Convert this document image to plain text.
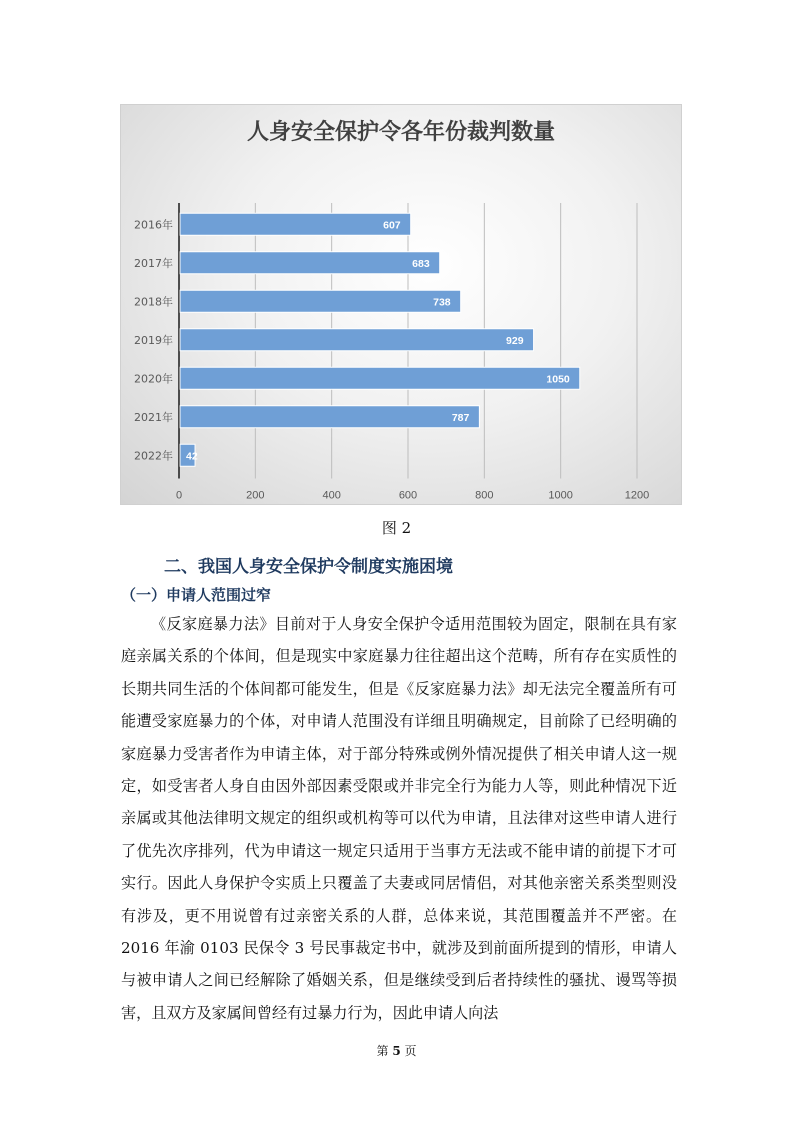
人身安全保护令各年份裁判数量
0	200	400	600	800	1000	1200
2016年	607
2017年	683
2018年	738
2019年	929
2020年	1050
2021年	787
2022年 42
图 2
二、我国人身安全保护令制度实施困境
（一）申请人范围过窄

《反家庭暴力法》目前对于人身安全保护令适用范围较为固定，限制在具有家庭亲属关系的个体间，但是现实中家庭暴力往往超出这个范畴，所有存在实质性的长期共同生活的个体间都可能发生，但是《反家庭暴力法》却无法完全覆盖所有可能遭受家庭暴力的个体，对申请人范围没有详细且明确规定，目前除了已经明确的家庭暴力受害者作为申请主体，对于部分特殊或例外情况提供了相关申请人这一规定，如受害者人身自由因外部因素受限或并非完全行为能力人等，则此种情况下近亲属或其他法律明文规定的组织或机构等可以代为申请，且法律对这些申请人进行了优先次序排列，代为申请这一规定只适用于当事方无法或不能申请的前提下才可实行。因此人身保护令实质上只覆盖了夫妻或同居情侣，对其他亲密关系类型则没有涉及，更不用说曾有过亲密关系的人群，总体来说，其范围覆盖并不严密。在 2016 年渝 0103 民保令 3 号民事裁定书中，就涉及到前面所提到的情形，申请人与被申请人之间已经解除了婚姻关系，但是继续受到后者持续性的骚扰、谩骂等损害，且双方及家属间曾经有过暴力行为，因此申请人向法

第 5 页
